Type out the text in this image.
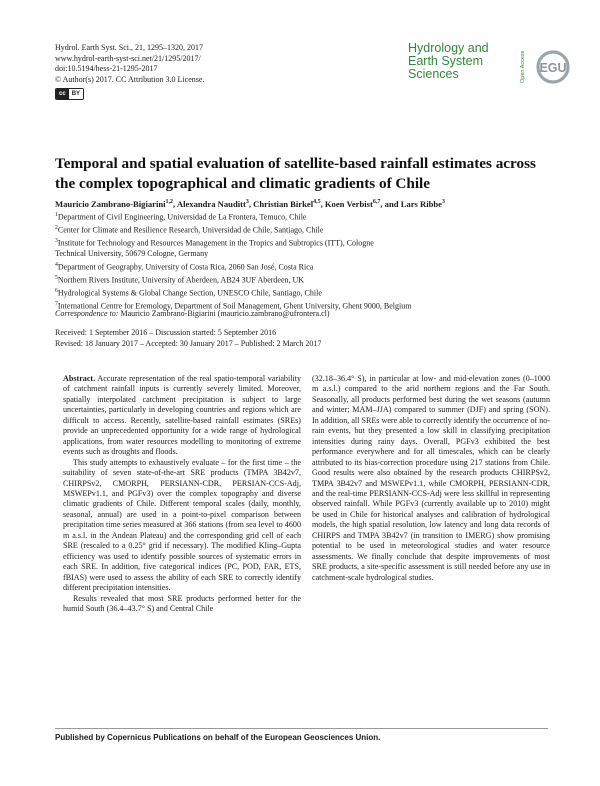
Hydrol. Earth Syst. Sci., 21, 1295–1320, 2017
www.hydrol-earth-syst-sci.net/21/1295/2017/
doi:10.5194/hess-21-1295-2017
© Author(s) 2017. CC Attribution 3.0 License.
cc	BY
Hydrology and
Earth System
Sciences	Open Access	EGU
Temporal and spatial evaluation of satellite-based rainfall estimates across the complex topographical and climatic gradients of Chile
Mauricio Zambrano-Bigiarini$^{1,2}$, Alexandra Nauditt$^3$, Christian Birkel$^{4,5}$, Koen Verbist$^{6,7}$, and Lars Ribbe$^3$
$^1$Department of Civil Engineering, Universidad de La Frontera, Temuco, Chile
$^2$Center for Climate and Resilience Research, Universidad de Chile, Santiago, Chile
$^3$Institute for Technology and Resources Management in the Tropics and Subtropics (ITT), Cologne
Technical University, 50679 Cologne, Germany
$^4$Department of Geography, University of Costa Rica, 2060 San José, Costa Rica
$^5$Northern Rivers Institute, University of Aberdeen, AB24 3UF Aberdeen, UK
$^6$Hydrological Systems & Global Change Section, UNESCO Chile, Santiago, Chile
$^7$International Centre for Eremology, Department of Soil Management, Ghent University, Ghent 9000, Belgium
Correspondence to: Mauricio Zambrano-Bigiarini (mauricio.zambrano@ufrontera.cl)
Received: 1 September 2016 – Discussion started: 5 September 2016
Revised: 18 January 2017 – Accepted: 30 January 2017 – Published: 2 March 2017

Abstract. Accurate representation of the real spatio-temporal variability of catchment rainfall inputs is currently severely limited. Moreover, spatially interpolated catchment precipitation is subject to large uncertainties, particularly in developing countries and regions which are difficult to access. Recently, satellite-based rainfall estimates (SREs) provide an unprecedented opportunity for a wide range of hydrological applications, from water resources modelling to monitoring of extreme events such as droughts and floods.

This study attempts to exhaustively evaluate – for the first time – the suitability of seven state-of-the-art SRE products (TMPA 3B42v7, CHIRPSv2, CMORPH, PERSIANN-CDR, PERSIAN-CCS-Adj, MSWEPv1.1, and PGFv3) over the complex topography and diverse climatic gradients of Chile. Different temporal scales (daily, monthly, seasonal, annual) are used in a point-to-pixel comparison between precipitation time series measured at 366 stations (from sea level to 4600 m a.s.l. in the Andean Plateau) and the corresponding grid cell of each SRE (rescaled to a 0.25° grid if necessary). The modified Kling–Gupta efficiency was used to identify possible sources of systematic errors in each SRE. In addition, five categorical indices (PC, POD, FAR, ETS, fBIAS) were used to assess the ability of each SRE to correctly identify different precipitation intensities.

Results revealed that most SRE products performed better for the humid South (36.4–43.7° S) and Central Chile

(32.18–36.4° S), in particular at low- and mid-elevation zones (0–1000 m a.s.l.) compared to the arid northern regions and the Far South. Seasonally, all products performed best during the wet seasons (autumn and winter; MAM–JJA) compared to summer (DJF) and spring (SON). In addition, all SREs were able to correctly identify the occurrence of no-rain events, but they presented a low skill in classifying precipitation intensities during rainy days. Overall, PGFv3 exhibited the best performance everywhere and for all timescales, which can be clearly attributed to its bias-correction procedure using 217 stations from Chile. Good results were also obtained by the research products CHIRPSv2, TMPA 3B42v7 and MSWEPv1.1, while CMORPH, PERSIANN-CDR, and the real-time PERSIANN-CCS-Adj were less skillful in representing observed rainfall. While PGFv3 (currently available up to 2010) might be used in Chile for historical analyses and calibration of hydrological models, the high spatial resolution, low latency and long data records of CHIRPS and TMPA 3B42v7 (in transition to IMERG) show promising potential to be used in meteorological studies and water resource assessments. We finally conclude that despite improvements of most SRE products, a site-specific assessment is still needed before any use in catchment-scale hydrological studies.

Published by Copernicus Publications on behalf of the European Geosciences Union.
